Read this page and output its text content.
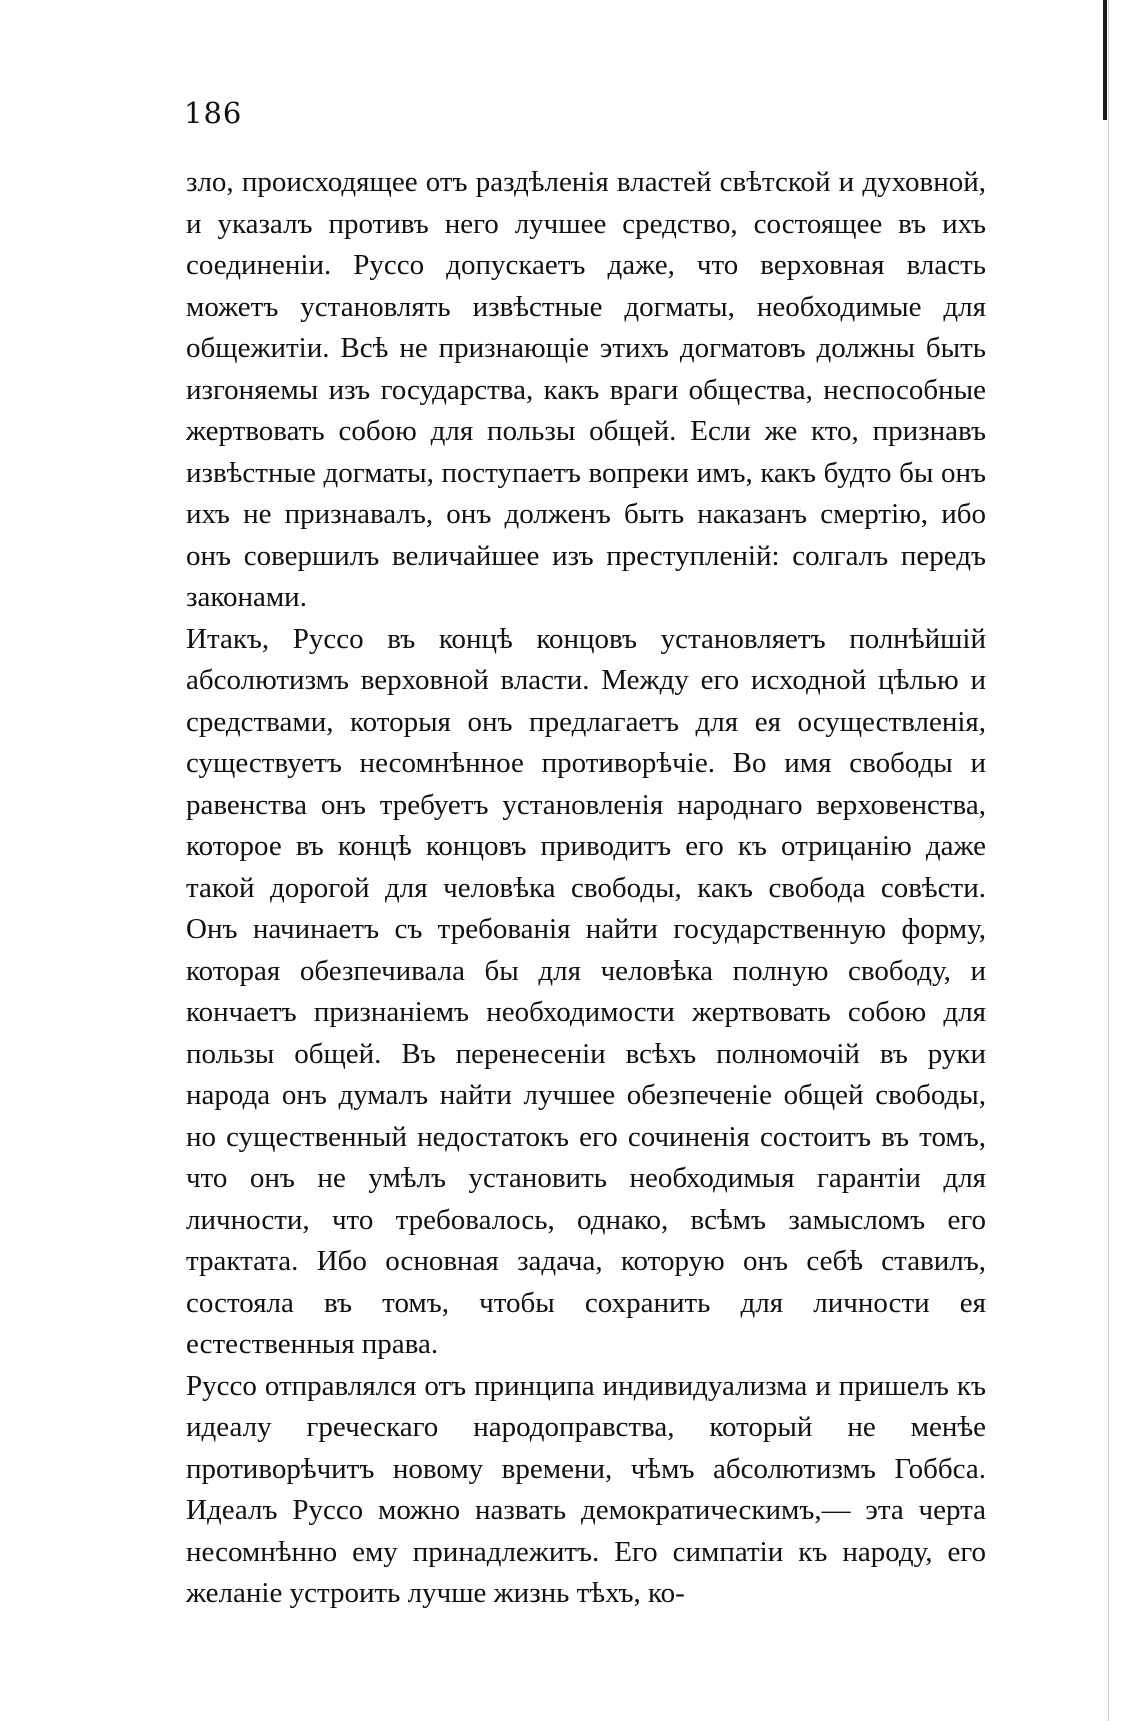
186

зло, происходящее отъ раздѣленія властей свѣтской и духовной, и указалъ противъ него лучшее средство, состоящее въ ихъ соединеніи. Руссо допускаетъ даже, что верховная власть можетъ установлять извѣстные догматы, необходимые для общежитіи. Всѣ не признающіе этихъ догматовъ должны быть изгоняемы изъ государства, какъ враги общества, неспособные жертвовать собою для пользы общей. Если же кто, признавъ извѣстные догматы, поступаетъ вопреки имъ, какъ будто бы онъ ихъ не признавалъ, онъ долженъ быть наказанъ смертію, ибо онъ совершилъ величайшее изъ преступленій: солгалъ передъ законами.

Итакъ, Руссо въ концѣ концовъ установляетъ полнѣйшій абсолютизмъ верховной власти. Между его исходной цѣлью и средствами, которыя онъ предлагаетъ для ея осуществленія, существуетъ несомнѣнное противорѣчіе. Во имя свободы и равенства онъ требуетъ установленія народнаго верховенства, которое въ концѣ концовъ приводитъ его къ отрицанію даже такой дорогой для человѣка свободы, какъ свобода совѣсти. Онъ начинаетъ съ требованія найти государственную форму, которая обезпечивала бы для человѣка полную свободу, и кончаетъ признаніемъ необходимости жертвовать собою для пользы общей. Въ перенесеніи всѣхъ полномочій въ руки народа онъ думалъ найти лучшее обезпеченіе общей свободы, но существенный недостатокъ его сочиненія состоитъ въ томъ, что онъ не умѣлъ установить необходимыя гарантіи для личности, что требовалось, однако, всѣмъ замысломъ его трактата. Ибо основная задача, которую онъ себѣ ставилъ, состояла въ томъ, чтобы сохранить для личности ея естественныя права.

Руссо отправлялся отъ принципа индивидуализма и пришелъ къ идеалу греческаго народоправства, который не менѣе противорѣчитъ новому времени, чѣмъ абсолютизмъ Гоббса. Идеалъ Руссо можно назвать демократическимъ,— эта черта несомнѣнно ему принадлежитъ. Его симпатіи къ народу, его желаніе устроить лучше жизнь тѣхъ, ко-
